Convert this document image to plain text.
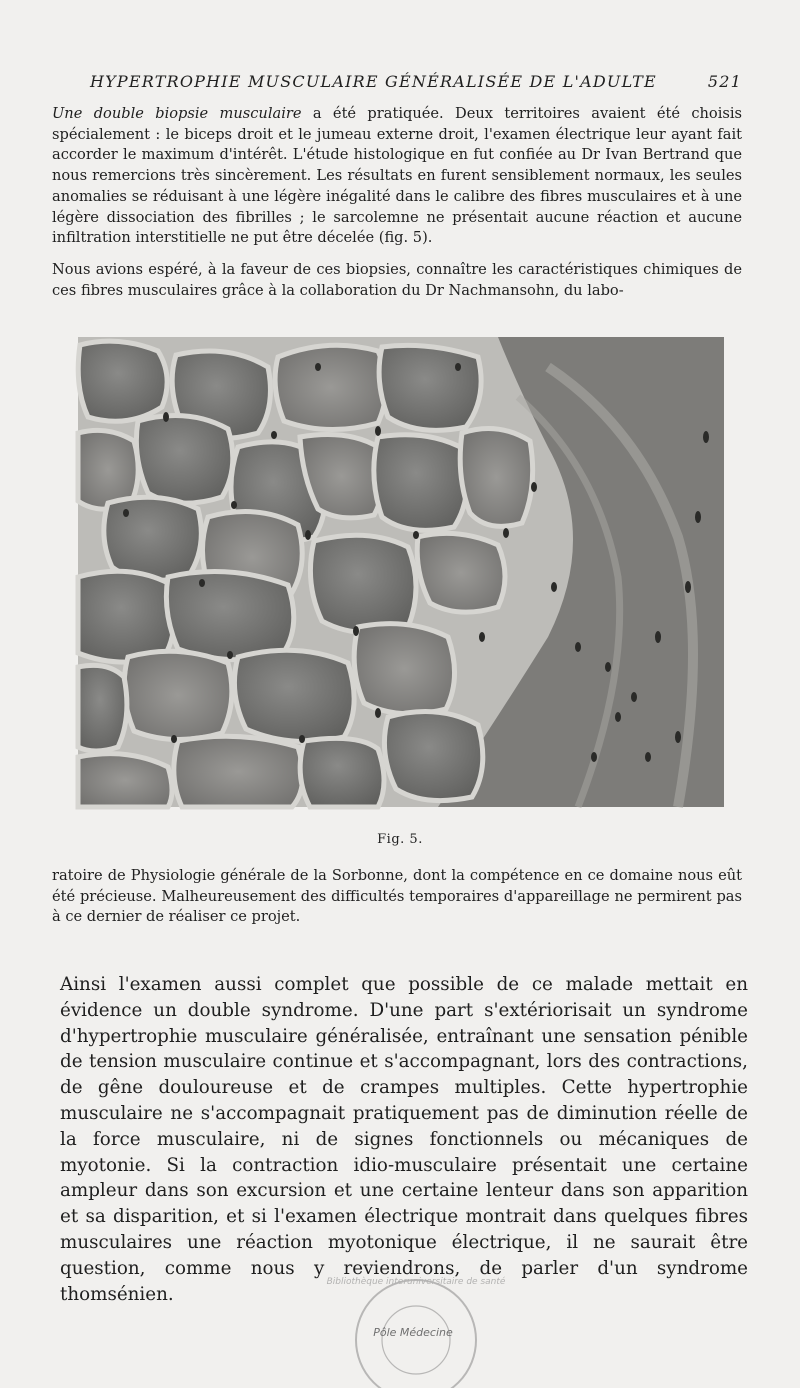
HYPERTROPHIE MUSCULAIRE GÉNÉRALISÉE DE L'ADULTE	521

Une double biopsie musculaire a été pratiquée. Deux territoires avaient été choisis spécialement : le biceps droit et le jumeau externe droit, l'examen électrique leur ayant fait accorder le maximum d'intérêt. L'étude histologique en fut confiée au Dr Ivan Bertrand que nous remercions très sincèrement. Les résultats en furent sensiblement normaux, les seules anomalies se réduisant à une légère inégalité dans le calibre des fibres musculaires et à une légère dissociation des fibrilles ; le sarcolemne ne présentait aucune réaction et aucune infiltration interstitielle ne put être décelée (fig. 5).

Nous avions espéré, à la faveur de ces biopsies, connaître les caractéristiques chimiques de ces fibres musculaires grâce à la collaboration du Dr Nachmansohn, du labo-

Fig. 5.

ratoire de Physiologie générale de la Sorbonne, dont la compétence en ce domaine nous eût été précieuse. Malheureusement des difficultés temporaires d'appareillage ne permirent pas à ce dernier de réaliser ce projet.

Ainsi l'examen aussi complet que possible de ce malade mettait en évidence un double syndrome. D'une part s'extériorisait un syndrome d'hypertrophie musculaire généralisée, entraînant une sensation pénible de tension musculaire continue et s'accompagnant, lors des contractions, de gêne douloureuse et de crampes multiples. Cette hypertrophie musculaire ne s'accompagnait pratiquement pas de diminution réelle de la force musculaire, ni de signes fonctionnels ou mécaniques de myotonie. Si la contraction idio-musculaire présentait une certaine ampleur dans son excursion et une certaine lenteur dans son apparition et sa disparition, et si l'examen électrique montrait dans quelques fibres musculaires une réaction myotonique électrique, il ne saurait être question, comme nous y reviendrons, de parler d'un syndrome thomsénien.

Bibliothèque interuniversitaire de santé
Pôle Médecine
